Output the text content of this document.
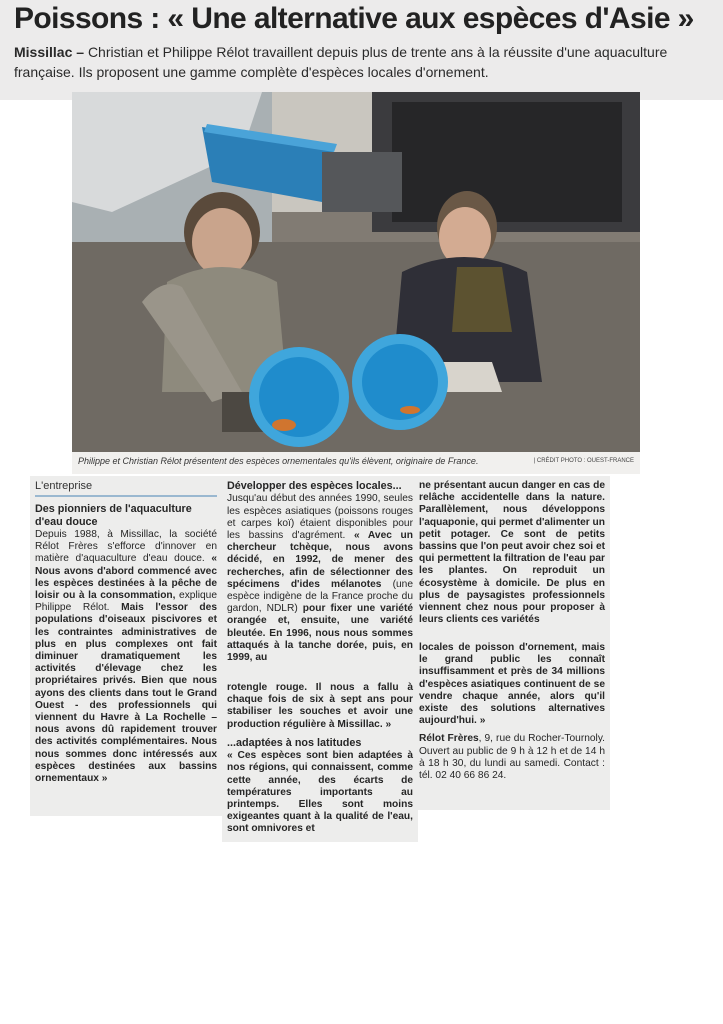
Poissons : « Une alternative aux espèces d'Asie »
Missillac – Christian et Philippe Rélot travaillent depuis plus de trente ans à la réussite d'une aquaculture française. Ils proposent une gamme complète d'espèces locales d'ornement.
Philippe et Christian Rélot présentent des espèces ornementales qu'ils élèvent, originaire de France.	| CRÉDIT PHOTO : OUEST-FRANCE
L'entreprise
Des pionniers de l'aquaculture d'eau douce

Depuis 1988, à Missillac, la société Rélot Frères s'efforce d'innover en matière d'aquaculture d'eau douce. « Nous avons d'abord commencé avec les espèces destinées à la pêche de loisir ou à la consommation, explique Philippe Rélot. Mais l'essor des populations d'oiseaux piscivores et les contraintes administratives de plus en plus complexes ont fait diminuer dramatiquement les activités d'élevage chez les propriétaires privés. Bien que nous ayons des clients dans tout le Grand Ouest - des professionnels qui viennent du Havre à La Rochelle – nous avons dû rapidement trouver des activités complémentaires. Nous nous sommes donc intéressés aux espèces destinées aux bassins ornementaux »

Développer des espèces locales...

Jusqu'au début des années 1990, seules les espèces asiatiques (poissons rouges et carpes koï) étaient disponibles pour les bassins d'agrément. « Avec un chercheur tchèque, nous avons décidé, en 1992, de mener des recherches, afin de sélectionner des spécimens d'ides mélanotes (une espèce indigène de la France proche du gardon, NDLR) pour fixer une variété orangée et, ensuite, une variété bleutée. En 1996, nous nous sommes attaqués à la tanche dorée, puis, en 1999, au

rotengle rouge. Il nous a fallu à chaque fois de six à sept ans pour stabiliser les souches et avoir une production régulière à Missillac. »

...adaptées à nos latitudes

« Ces espèces sont bien adaptées à nos régions, qui connaissent, comme cette année, des écarts de températures importants au printemps. Elles sont moins exigeantes quant à la qualité de l'eau, sont omnivores et

ne présentant aucun danger en cas de relâche accidentelle dans la nature. Parallèlement, nous développons l'aquaponie, qui permet d'alimenter un petit potager. Ce sont de petits bassins que l'on peut avoir chez soi et qui permettent la filtration de l'eau par les plantes. On reproduit un écosystème à domicile. De plus en plus de paysagistes professionnels viennent chez nous pour proposer à leurs clients ces variétés

locales de poisson d'ornement, mais le grand public les connaît insuffisamment et près de 34 millions d'espèces asiatiques continuent de se vendre chaque année, alors qu'il existe des solutions alternatives aujourd'hui. »

Rélot Frères, 9, rue du Rocher-Tournoly. Ouvert au public de 9 h à 12 h et de 14 h à 18 h 30, du lundi au samedi. Contact : tél. 02 40 66 86 24.
